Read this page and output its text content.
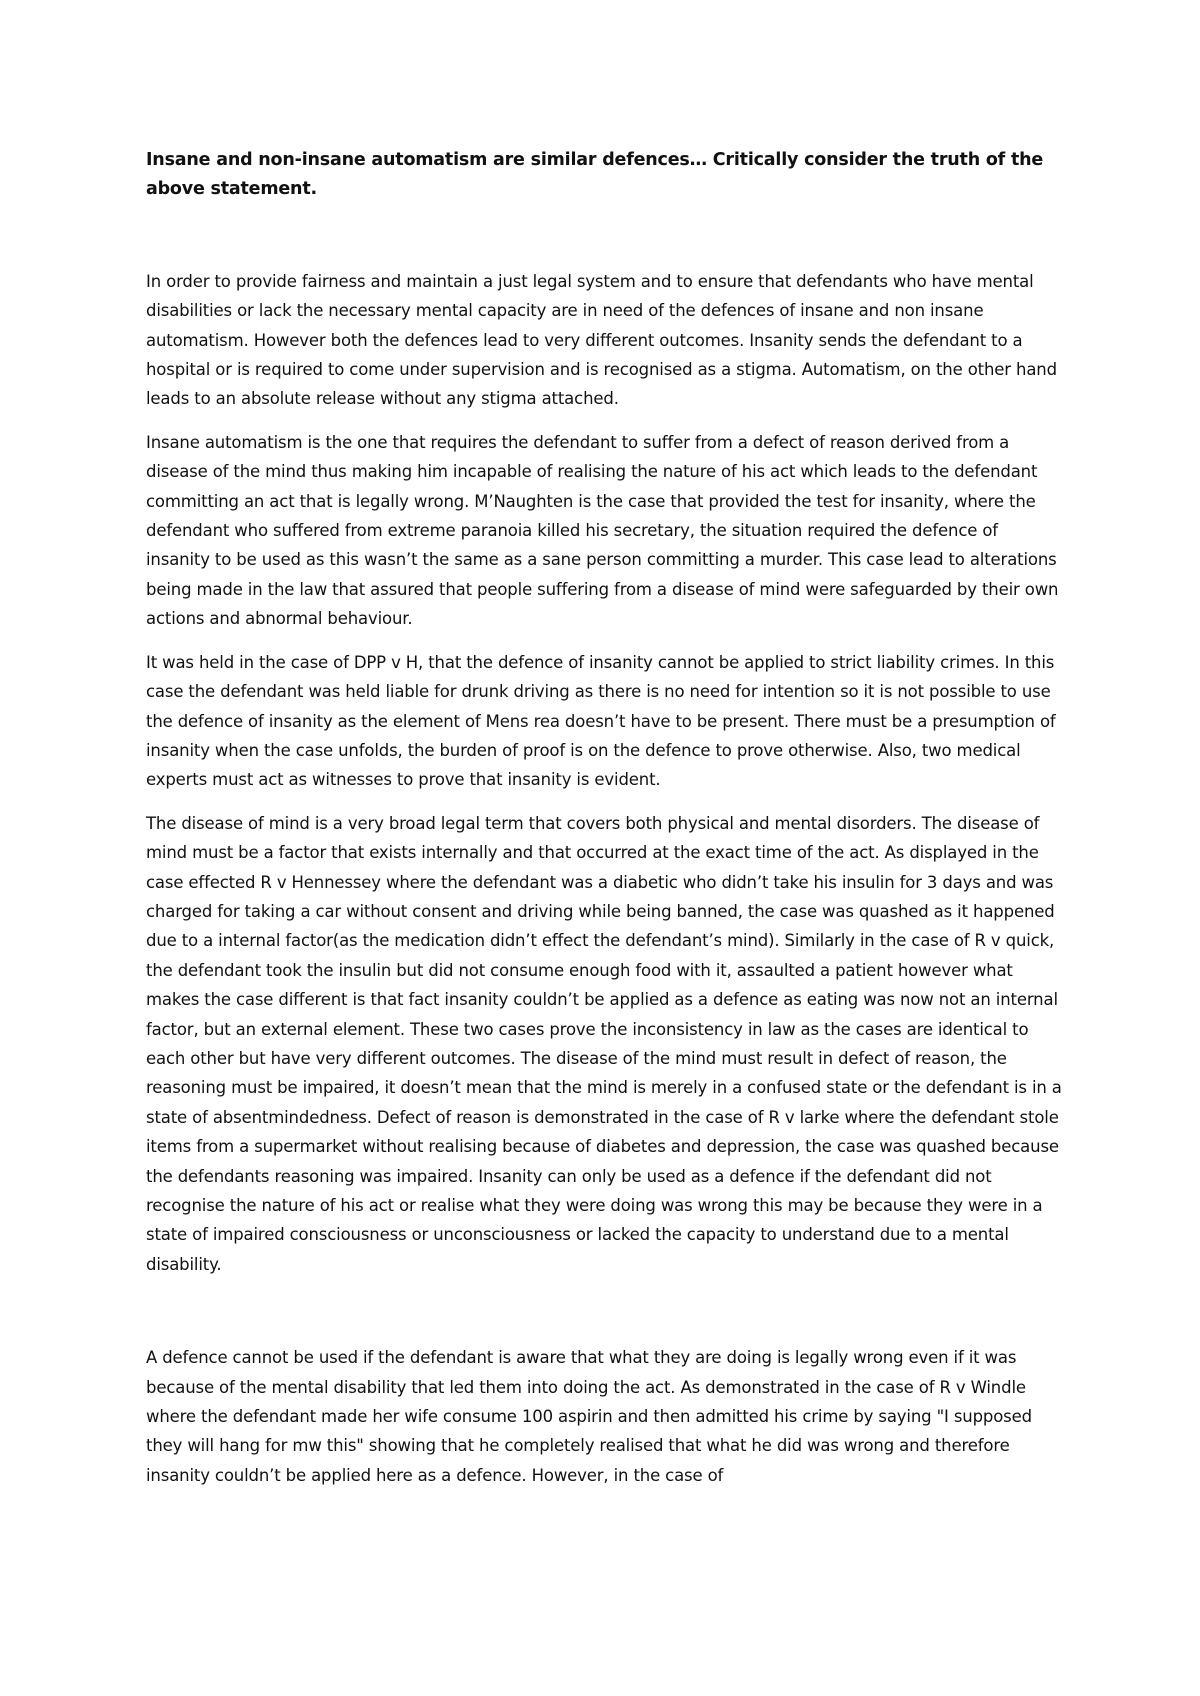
Insane and non-insane automatism are similar defences… Critically consider the truth of the above statement.

In order to provide fairness and maintain a just legal system and to ensure that defendants who have mental disabilities or lack the necessary mental capacity are in need of the defences of insane and non insane automatism. However both the defences lead to very different outcomes. Insanity sends the defendant to a hospital or is required to come under supervision and is recognised as a stigma. Automatism, on the other hand leads to an absolute release without any stigma attached.

Insane automatism is the one that requires the defendant to suffer from a defect of reason derived from a disease of the mind thus making him incapable of realising the nature of his act which leads to the defendant committing an act that is legally wrong. M’Naughten is the case that provided the test for insanity, where the defendant who suffered from extreme paranoia killed his secretary, the situation required the defence of insanity to be used as this wasn’t the same as a sane person committing a murder. This case lead to alterations being made in the law that assured that people suffering from a disease of mind were safeguarded by their own actions and abnormal behaviour.

It was held in the case of DPP v H, that the defence of insanity cannot be applied to strict liability crimes. In this case the defendant was held liable for drunk driving as there is no need for intention so it is not possible to use the defence of insanity as the element of Mens rea doesn’t have to be present. There must be a presumption of insanity when the case unfolds, the burden of proof is on the defence to prove otherwise. Also, two medical experts must act as witnesses to prove that insanity is evident.

The disease of mind is a very broad legal term that covers both physical and mental disorders. The disease of mind must be a factor that exists internally and that occurred at the exact time of the act. As displayed in the case effected R v Hennessey where the defendant was a diabetic who didn’t take his insulin for 3 days and was charged for taking a car without consent and driving while being banned, the case was quashed as it happened due to a internal factor(as the medication didn’t effect the defendant’s mind). Similarly in the case of R v quick, the defendant took the insulin but did not consume enough food with it, assaulted a patient however what makes the case different is that fact insanity couldn’t be applied as a defence as eating was now not an internal factor, but an external element. These two cases prove the inconsistency in law as the cases are identical to each other but have very different outcomes. The disease of the mind must result in defect of reason, the reasoning must be impaired, it doesn’t mean that the mind is merely in a confused state or the defendant is in a state of absentmindedness. Defect of reason is demonstrated in the case of R v larke where the defendant stole items from a supermarket without realising because of diabetes and depression, the case was quashed because the defendants reasoning was impaired. Insanity can only be used as a defence if the defendant did not recognise the nature of his act or realise what they were doing was wrong this may be because they were in a state of impaired consciousness or unconsciousness or lacked the capacity to understand due to a mental disability.

A defence cannot be used if the defendant is aware that what they are doing is legally wrong even if it was because of the mental disability that led them into doing the act. As demonstrated in the case of R v Windle where the defendant made her wife consume 100 aspirin and then admitted his crime by saying "I supposed they will hang for mw this" showing that he completely realised that what he did was wrong and therefore insanity couldn’t be applied here as a defence. However, in the case of
